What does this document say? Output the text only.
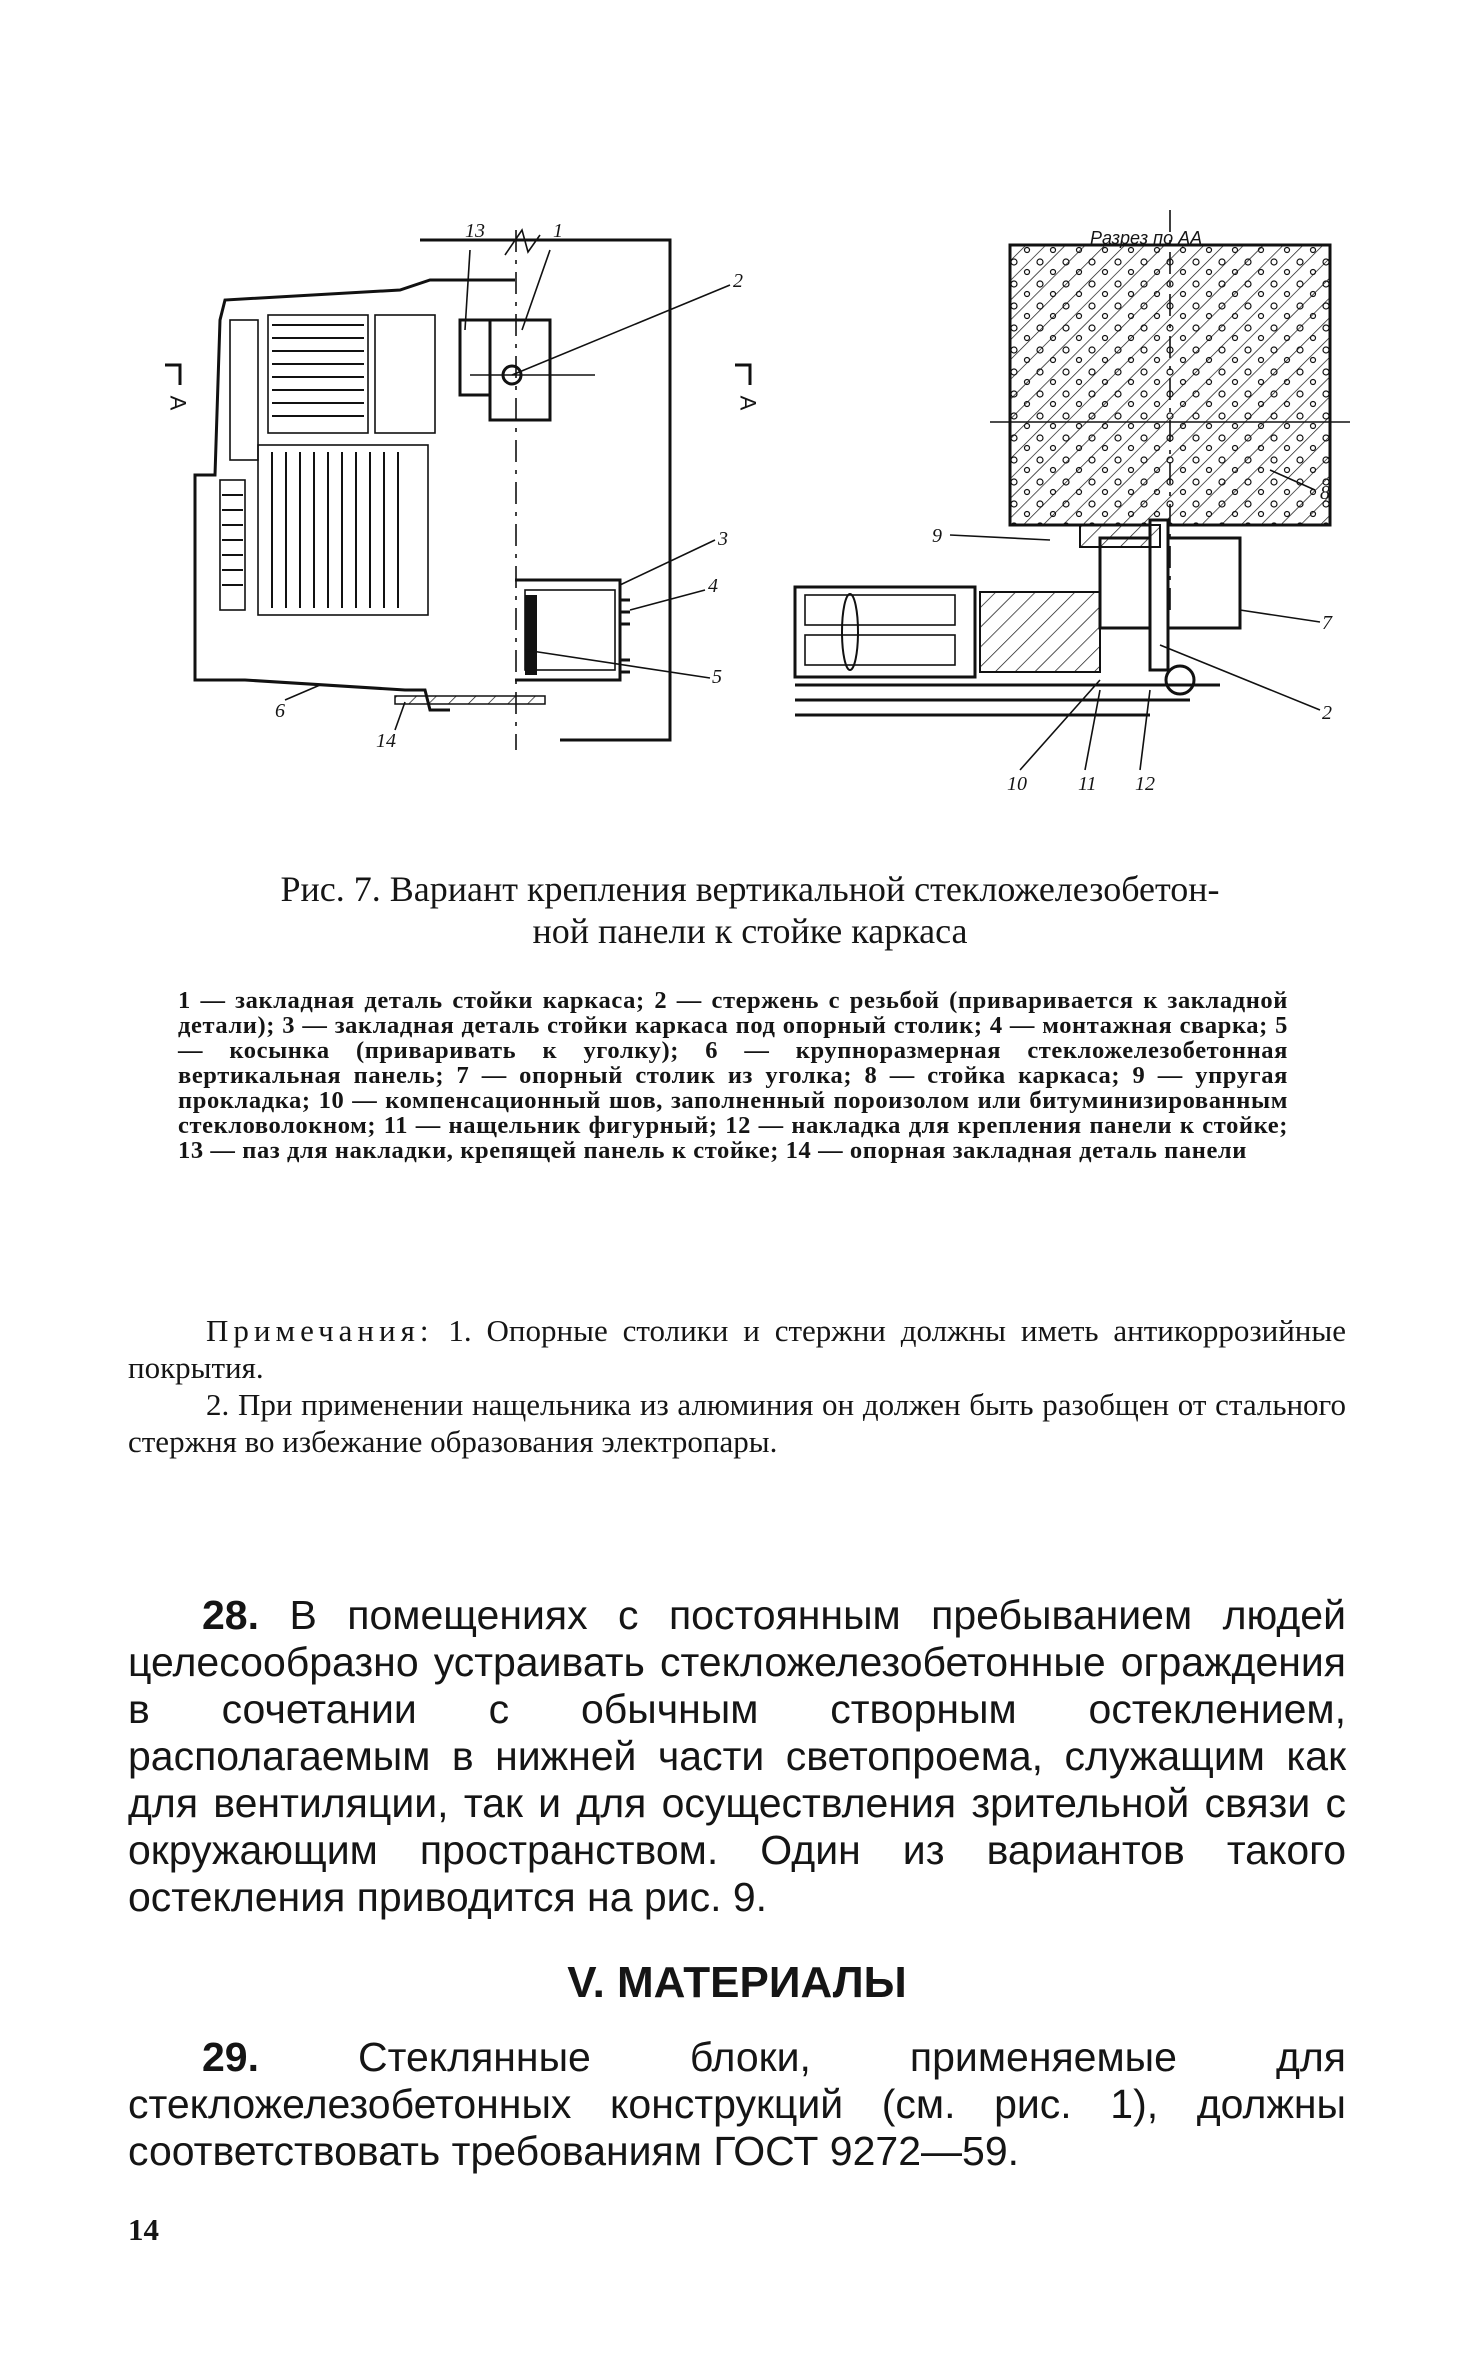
Разрез по АА
А	А
13	1
2
3
4
5
6
14
8
9
7
2
10	11 12
Рис. 7. Вариант крепления вертикальной стекложелезобетон-
ной панели к стойке каркаса
1 — закладная деталь стойки каркаса; 2 — стержень с резьбой (приваривается к закладной детали); 3 — закладная деталь стойки каркаса под опорный столик; 4 — монтажная сварка; 5 — косынка (приваривать к уголку); 6 — крупноразмерная стекложелезобетонная вертикальная панель; 7 — опорный столик из уголка; 8 — стойка каркаса; 9 — упругая прокладка; 10 — компенсационный шов, заполненный пороизолом или битуминизированным стекловолокном; 11 — нащельник фигурный; 12 — накладка для крепления панели к стойке; 13 — паз для накладки, крепящей панель к стойке; 14 — опорная закладная деталь панели

Примечания: 1. Опорные столики и стержни должны иметь антикоррозийные покрытия.

2. При применении нащельника из алюминия он должен быть разобщен от стального стержня во избежание образования электропары.

28. В помещениях с постоянным пребыванием людей целесообразно устраивать стекложелезобетонные ограждения в сочетании с обычным створным остеклением, располагаемым в нижней части светопроема, служащим как для вентиляции, так и для осуществления зрительной связи с окружающим пространством. Один из вариантов такого остекления приводится на рис. 9.

V. МАТЕРИАЛЫ

29. Стеклянные блоки, применяемые для стекложелезобетонных конструкций (см. рис. 1), должны соответствовать требованиям ГОСТ 9272—59.

14
